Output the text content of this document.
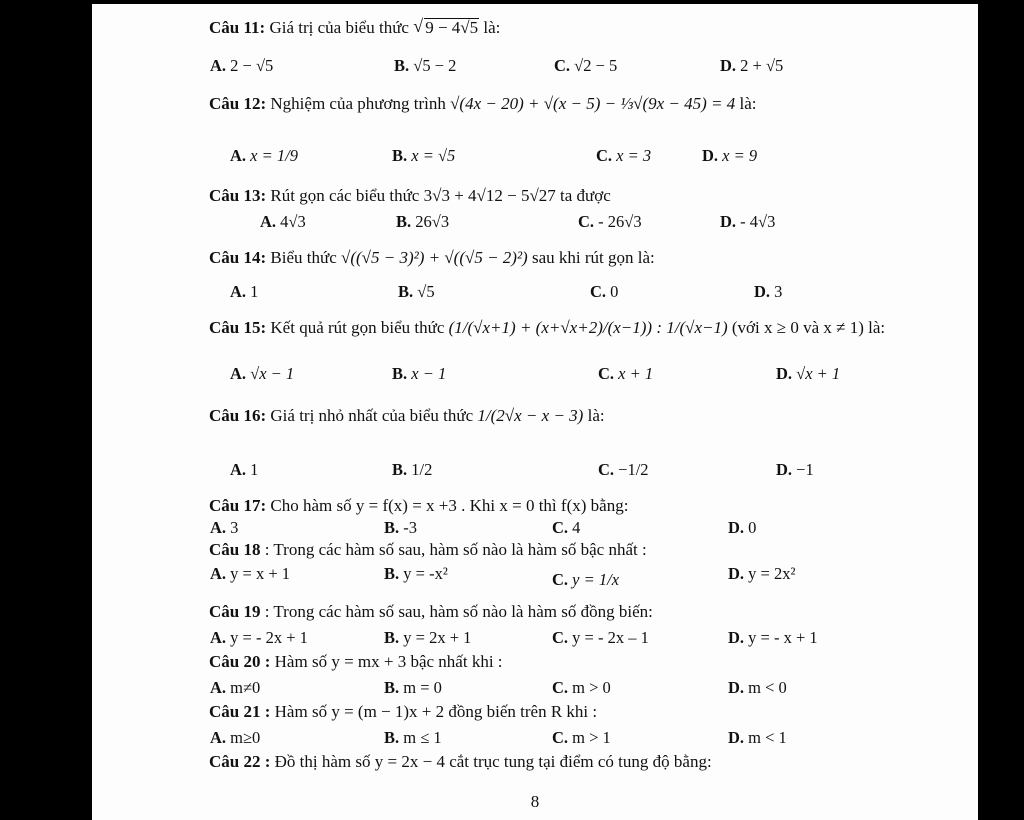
Câu 11: Giá trị của biểu thức √ 9 − 4√5 là:
A. 2 − √5	B. √5 − 2	C. √2 − 5	D. 2 + √5
Câu 12: Nghiệm của phương trình √(4x − 20) + √(x − 5) − ⅓√(9x − 45) = 4 là:
A. x = 1/9	B. x = √5	C. x = 3	D. x = 9
Câu 13: Rút gọn các biểu thức 3√3 + 4√12 − 5√27 ta được
A. 4√3	B. 26√3	C. - 26√3	D. - 4√3
Câu 14: Biểu thức √((√5 − 3)²) + √((√5 − 2)²) sau khi rút gọn là:
A. 1	B. √5	C. 0	D. 3
Câu 15: Kết quả rút gọn biểu thức (1/(√x+1) + (x+√x+2)/(x−1)) : 1/(√x−1) (với x ≥ 0 và x ≠ 1) là:
A. √x − 1	B. x − 1	C. x + 1	D. √x + 1
Câu 16: Giá trị nhỏ nhất của biểu thức 1/(2√x − x − 3) là:
A. 1	B. 1/2	C. −1/2	D. −1
Câu 17: Cho hàm số y = f(x) = x +3 . Khi x = 0 thì f(x) bằng:
A. 3	B. -3	C. 4	D. 0
Câu 18 : Trong các hàm số sau, hàm số nào là hàm số bậc nhất :
A. y = x + 1	B. y = -x²	C. y = 1/x	D. y = 2x²
Câu 19 : Trong các hàm số sau, hàm số nào là hàm số đồng biến:
A. y = - 2x + 1	B. y = 2x + 1	C. y = - 2x – 1	D. y = - x + 1
Câu 20 : Hàm số y = mx + 3 bậc nhất khi :
A. m≠0	B. m = 0	C. m > 0	D. m < 0
Câu 21 : Hàm số y = (m − 1)x + 2 đồng biến trên R khi :
A. m≥0	B. m ≤ 1	C. m > 1	D. m < 1
Câu 22 : Đồ thị hàm số y = 2x − 4 cắt trục tung tại điểm có tung độ bằng:
8
